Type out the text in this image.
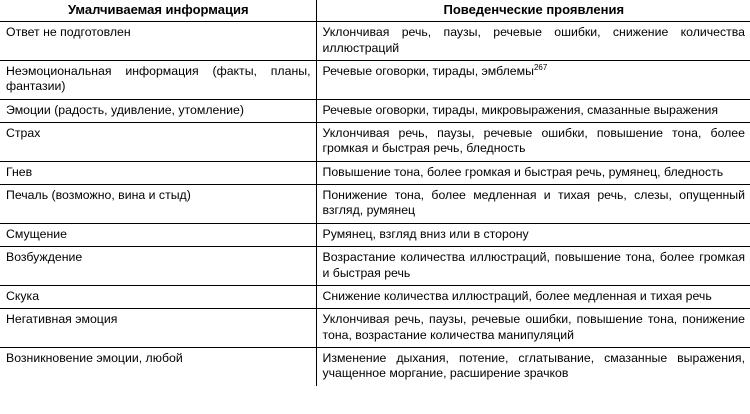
Умалчиваемая информация	Поведенческие проявления
Ответ не подготовлен	Уклончивая речь, паузы, речевые ошибки, снижение количества иллюстраций
Неэмоциональная информация (факты, планы, фантазии)	Речевые оговорки, тирады, эмблемы$^{267}$

Эмоции (радость, удивление, утомление)	Речевые оговорки, тирады, микровыражения, смазанные выражения
Страх	Уклончивая речь, паузы, речевые ошибки, повышение тона, более громкая и быстрая речь, бледность
Гнев	Повышение тона, более громкая и быстрая речь, румянец, бледность
Печаль (возможно, вина и стыд)	Понижение тона, более медленная и тихая речь, слезы, опущенный взгляд, румянец
Смущение	Румянец, взгляд вниз или в сторону
Возбуждение	Возрастание количества иллюстраций, повышение тона, более громкая и быстрая речь
Скука	Снижение количества иллюстраций, более медленная и тихая речь
Негативная эмоция	Уклончивая речь, паузы, речевые ошибки, повышение тона, понижение тона, возрастание количества манипуляций
Возникновение эмоции, любой	Изменение дыхания, потение, сглатывание, смазанные выражения, учащенное моргание, расширение зрачков
